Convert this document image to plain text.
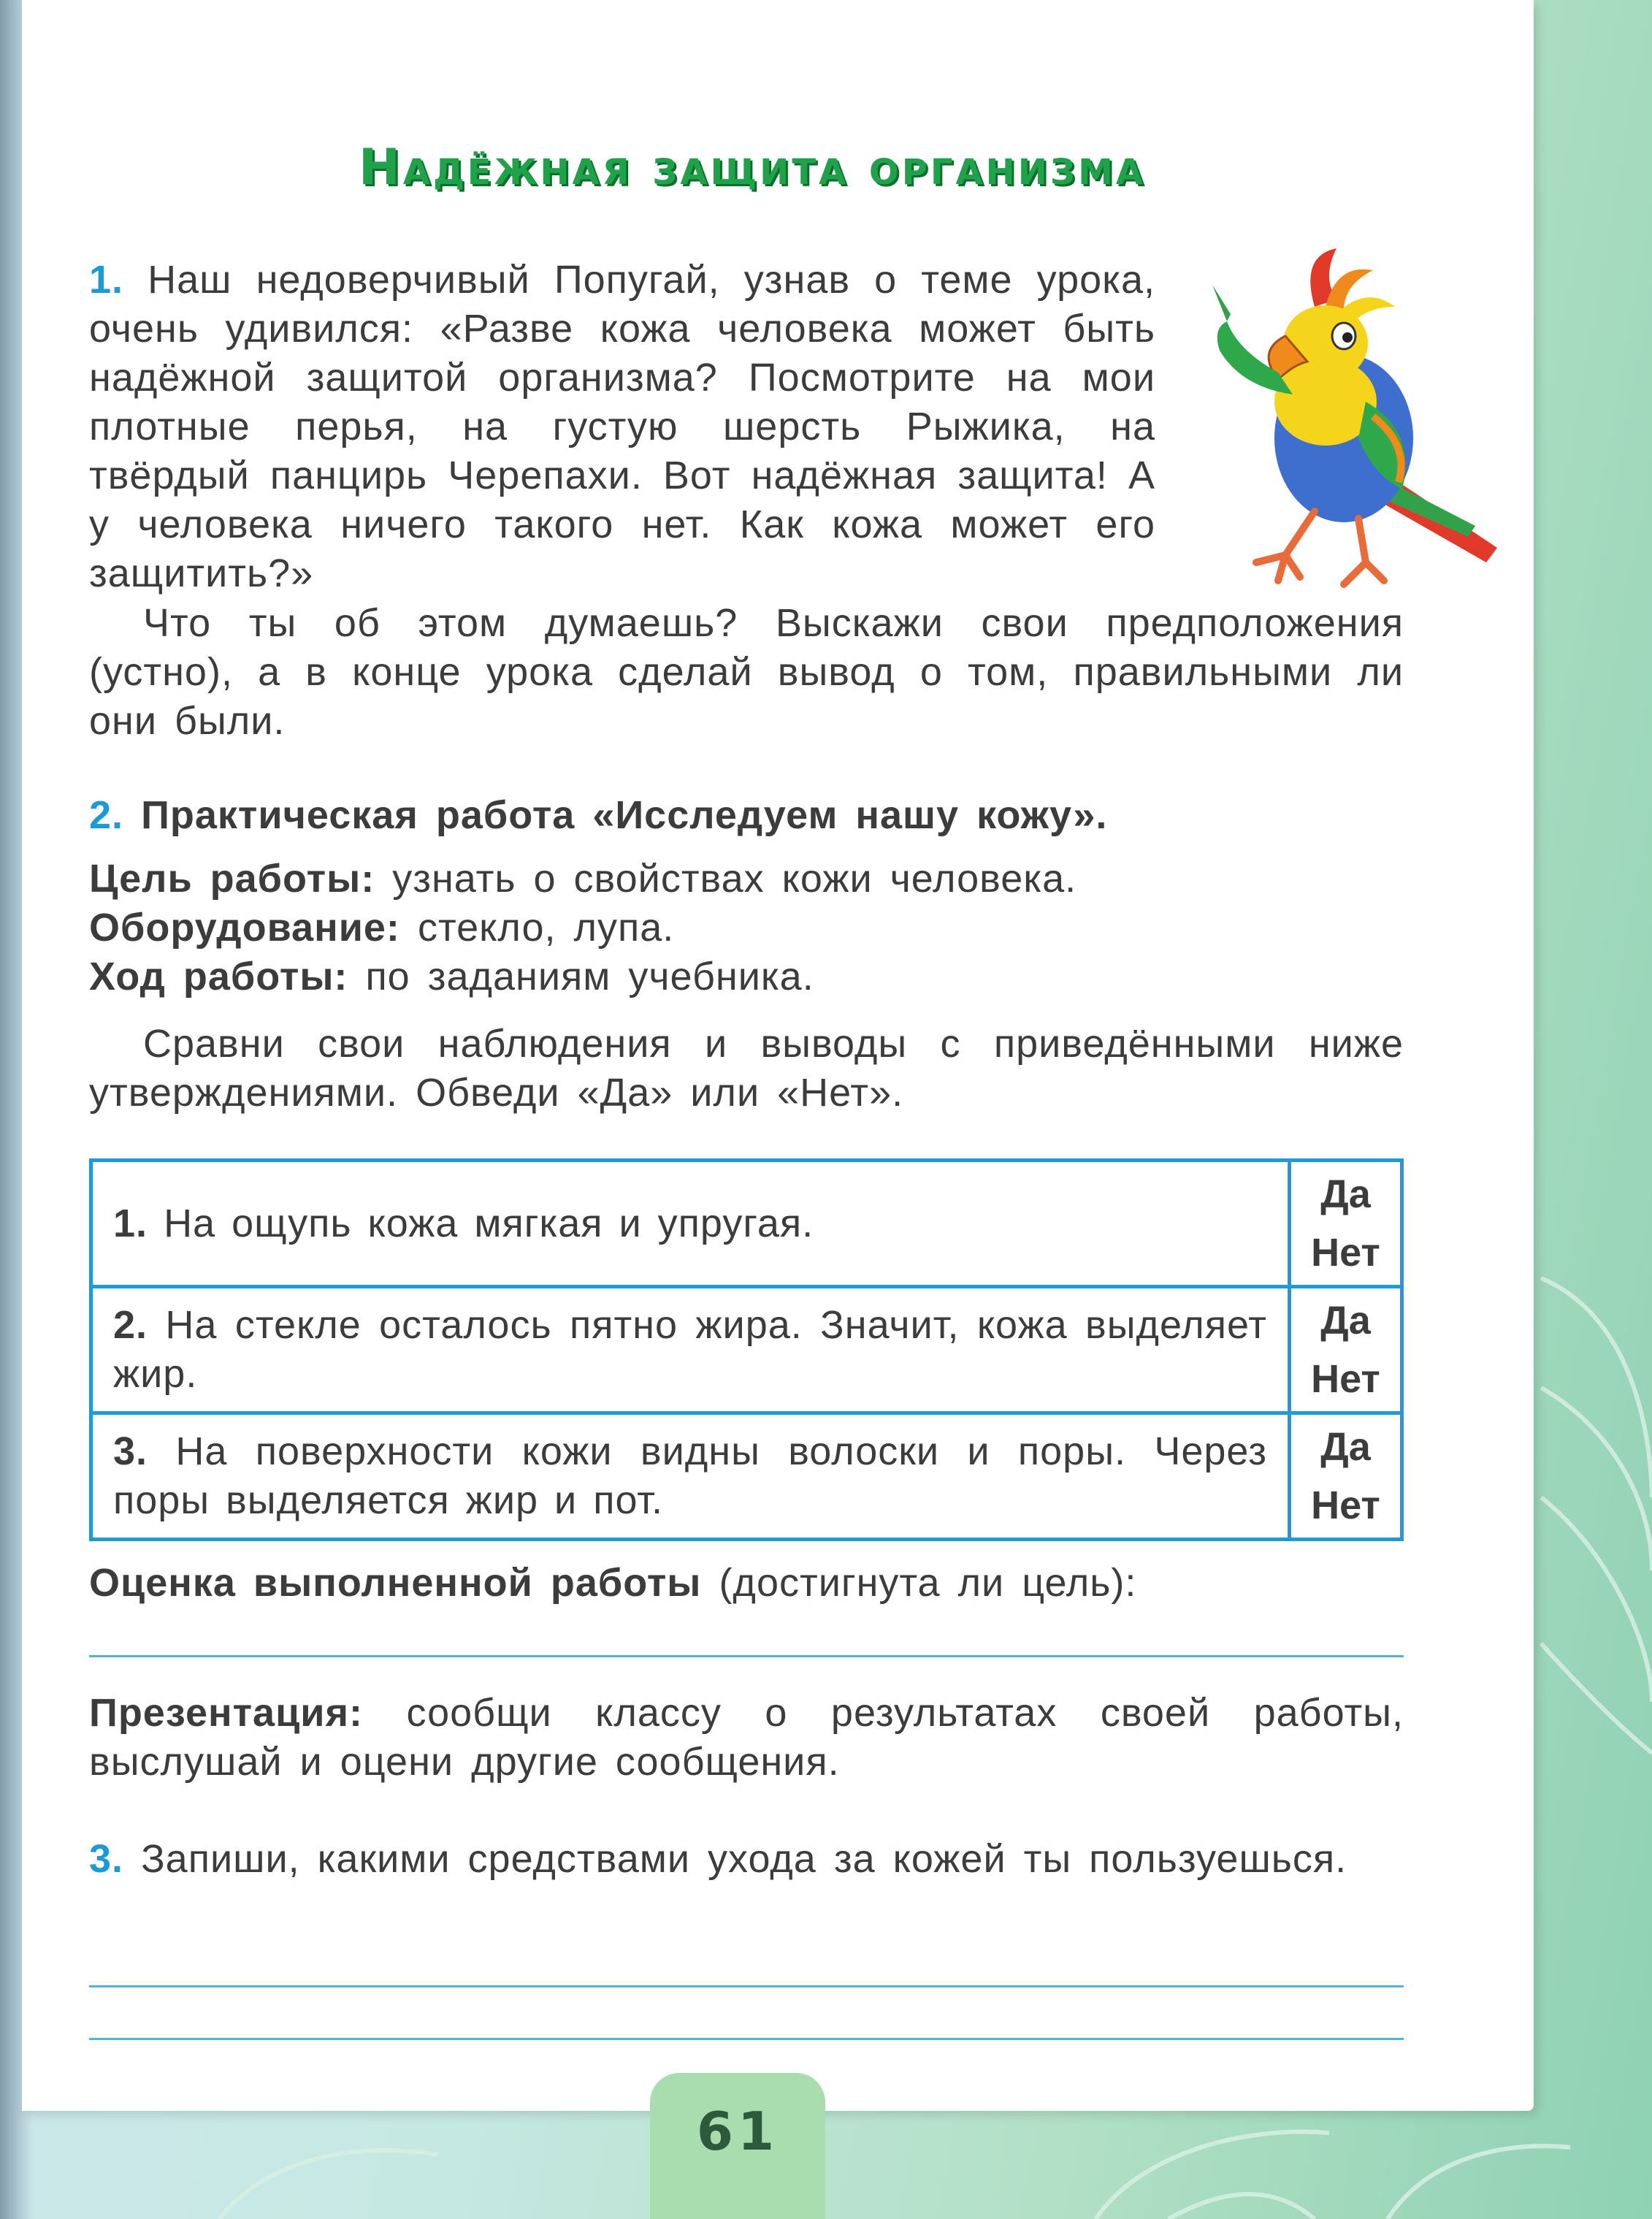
Надёжная защита организма

1. Наш недоверчивый Попугай, узнав о теме урока, очень удивился: «Разве кожа человека может быть надёжной защитой организма? Посмотрите на мои плотные перья, на густую шерсть Рыжика, на твёрдый панцирь Черепахи. Вот надёжная защита! А у человека ничего такого нет. Как кожа может его защитить?»

Что ты об этом думаешь? Выскажи свои предположения (устно), а в конце урока сделай вывод о том, правильными ли они были.

2. Практическая работа «Исследуем нашу кожу».

Цель работы: узнать о свойствах кожи человека.

Оборудование: стекло, лупа.

Ход работы: по заданиям учебника.

Сравни свои наблюдения и выводы с приведёнными ниже утверждениями. Обведи «Да» или «Нет».

1. На ощупь кожа мягкая и упругая.	Да
Нет

2. На стекле осталось пятно жира. Значит, кожа выделяет жир.	Да
Нет

3. На поверхности кожи видны волоски и поры. Через поры выделяется жир и пот.	Да
Нет

Оценка выполненной работы (достигнута ли цель):

Презентация: сообщи классу о результатах своей работы, выслушай и оцени другие сообщения.

3. Запиши, какими средствами ухода за кожей ты пользуешься.

61
